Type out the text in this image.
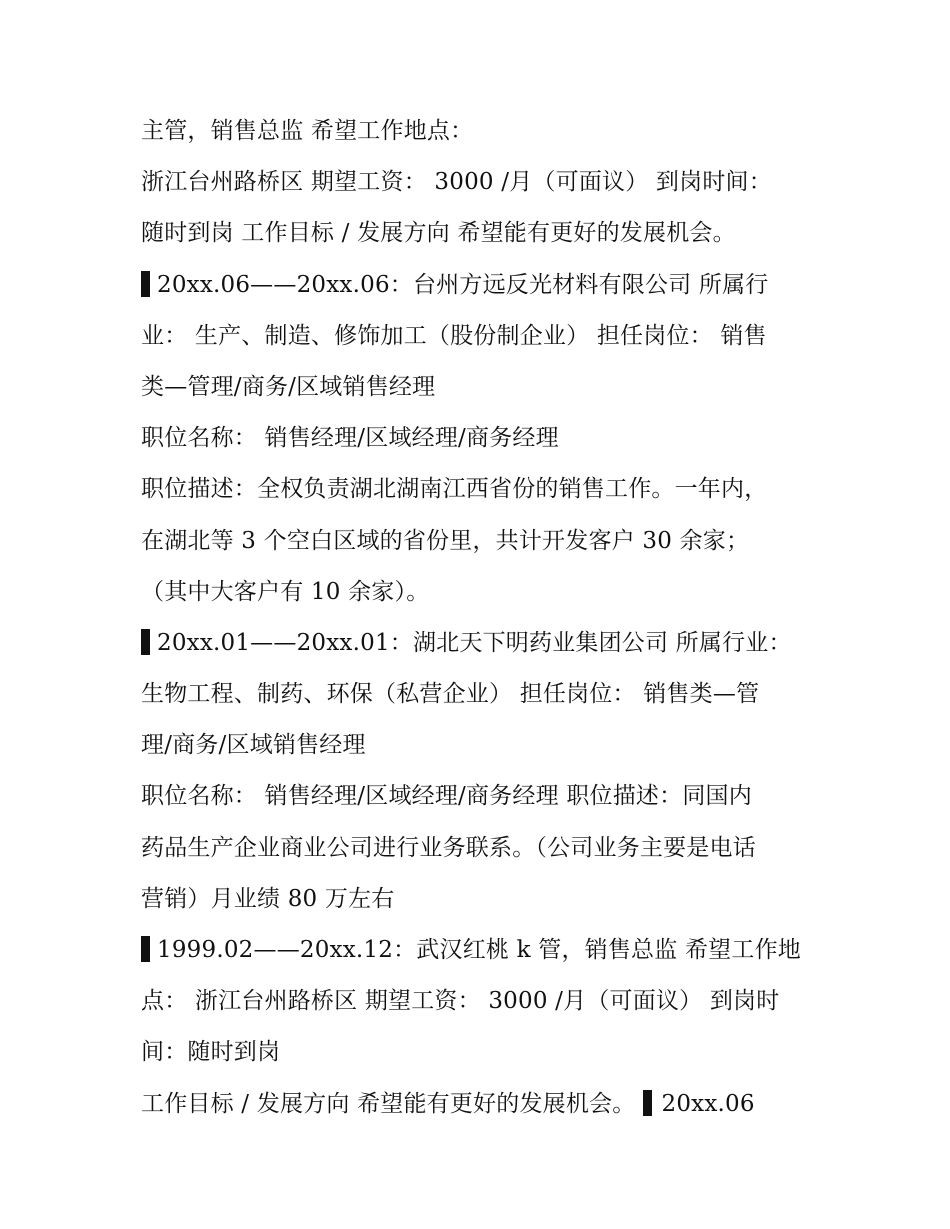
主管，销售总监 希望工作地点：
浙江台州路桥区 期望工资： 3000 /月（可面议） 到岗时间：
随时到岗 工作目标 / 发展方向 希望能有更好的发展机会。
20xx.06——20xx.06：台州方远反光材料有限公司 所属行
业： 生产、制造、修饰加工（股份制企业） 担任岗位： 销售
类—管理/商务/区域销售经理
职位名称： 销售经理/区域经理/商务经理
职位描述：全权负责湖北湖南江西省份的销售工作。一年内，
在湖北等 3 个空白区域的省份里，共计开发客户 30 余家；
（其中大客户有 10 余家）。
20xx.01——20xx.01：湖北天下明药业集团公司 所属行业：
生物工程、制药、环保（私营企业） 担任岗位： 销售类—管
理/商务/区域销售经理
职位名称： 销售经理/区域经理/商务经理 职位描述：同国内
药品生产企业商业公司进行业务联系。（公司业务主要是电话
营销）月业绩 80 万左右
1999.02——20xx.12：武汉红桃 k 管，销售总监 希望工作地
点： 浙江台州路桥区 期望工资： 3000 /月（可面议） 到岗时
间：随时到岗
工作目标 / 发展方向 希望能有更好的发展机会。 20xx.06
